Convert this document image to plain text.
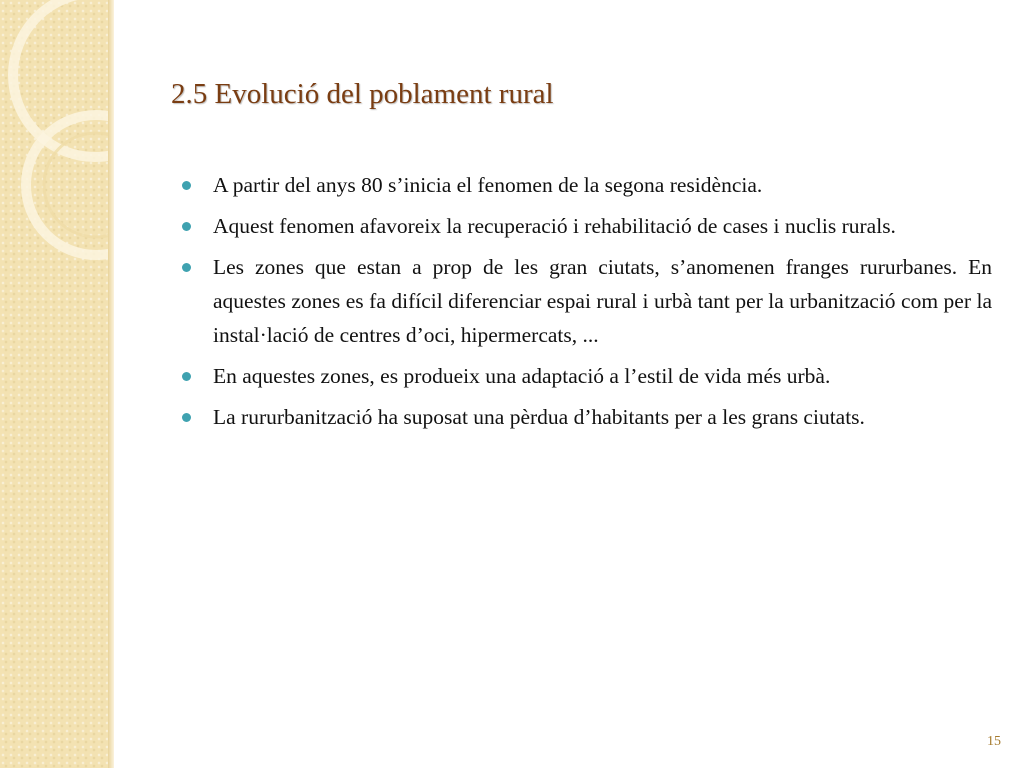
2.5 Evolució del poblament rural
A partir del anys 80 s’inicia el fenomen de la segona residència.
Aquest fenomen afavoreix la recuperació i rehabilitació de cases i nuclis rurals.
Les zones que estan a prop de les gran ciutats, s’anomenen franges rururbanes. En aquestes zones es fa difícil diferenciar espai rural i urbà tant per la urbanització com per la instal·lació de centres d’oci, hipermercats, ...
En aquestes zones, es produeix una adaptació a l’estil de vida més urbà.
La rururbanització ha suposat una pèrdua d’habitants per a les grans ciutats.
15
